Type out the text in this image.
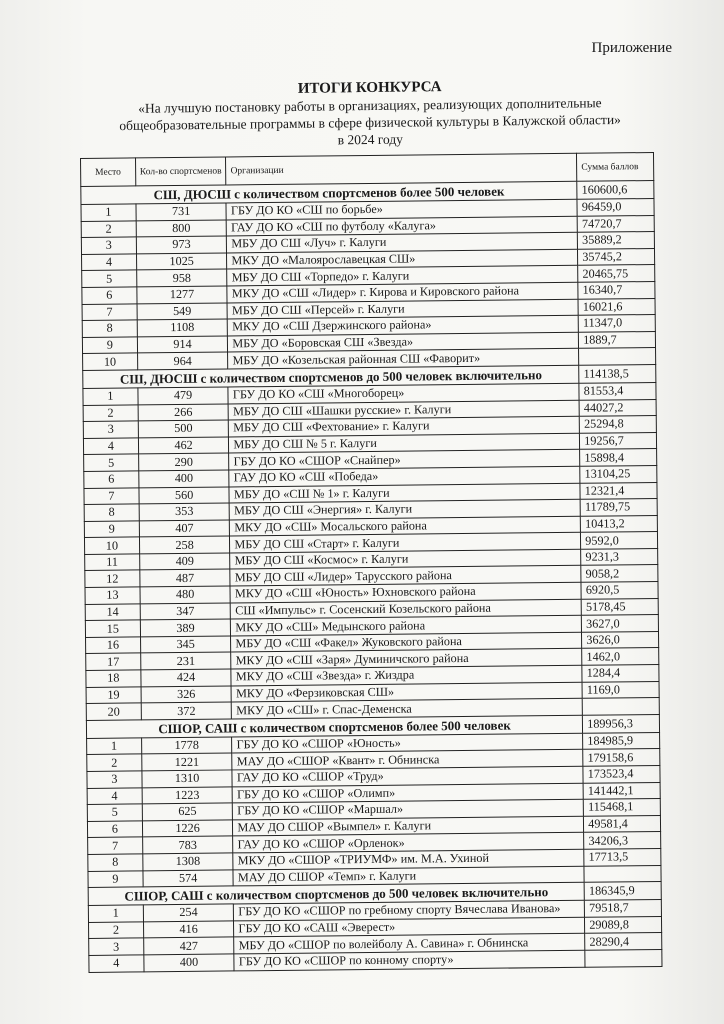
Приложение
ИТОГИ КОНКУРСА
«На лучшую постановку работы в организациях, реализующих дополнительные
общеобразовательные программы в сфере физической культуры в Калужской области»
в 2024 году
Место	Кол-во спортсменов	Организации	Сумма баллов
СШ, ДЮСШ с количеством спортсменов более 500 человек			160600,6
1	731	ГБУ ДО КО «СШ по борьбе»	96459,0
2	800	ГАУ ДО КО «СШ по футболу «Калуга»	74720,7
3	973	МБУ ДО СШ «Луч» г. Калуги	35889,2
4	1025	МКУ ДО «Малоярославецкая СШ»	35745,2
5	958	МБУ ДО СШ «Торпедо» г. Калуги	20465,75
6	1277	МКУ ДО «СШ «Лидер» г. Кирова и Кировского района	16340,7
7	549	МБУ ДО СШ «Персей» г. Калуги	16021,6
8	1108	МКУ ДО «СШ Дзержинского района»	11347,0
9	914	МБУ ДО «Боровская СШ «Звезда»	1889,7
10	964	МБУ ДО «Козельская районная СШ «Фаворит»	
СШ, ДЮСШ с количеством спортсменов до 500 человек включительно			114138,5
1	479	ГБУ ДО КО «СШ «Многоборец»	81553,4
2	266	МБУ ДО СШ «Шашки русские» г. Калуги	44027,2
3	500	МБУ ДО СШ «Фехтование» г. Калуги	25294,8
4	462	МБУ ДО СШ № 5 г. Калуги	19256,7
5	290	ГБУ ДО КО «СШОР «Снайпер»	15898,4
6	400	ГАУ ДО КО «СШ «Победа»	13104,25
7	560	МБУ ДО «СШ № 1» г. Калуги	12321,4
8	353	МБУ ДО СШ «Энергия» г. Калуги	11789,75
9	407	МКУ ДО «СШ» Мосальского района	10413,2
10	258	МБУ ДО СШ «Старт» г. Калуги	9592,0
11	409	МБУ ДО СШ «Космос» г. Калуги	9231,3
12	487	МБУ ДО СШ «Лидер» Тарусского района	9058,2
13	480	МКУ ДО «СШ «Юность» Юхновского района	6920,5
14	347	СШ «Импульс» г. Сосенский Козельского района	5178,45
15	389	МКУ ДО «СШ» Медынского района	3627,0
16	345	МБУ ДО «СШ «Факел» Жуковского района	3626,0
17	231	МКУ ДО «СШ «Заря» Думиничского района	1462,0
18	424	МКУ ДО «СШ «Звезда» г. Жиздра	1284,4
19	326	МКУ ДО «Ферзиковская СШ»	1169,0
20	372	МКУ ДО «СШ» г. Спас-Деменска	
СШОР, САШ с количеством спортсменов более 500 человек			189956,3
1	1778	ГБУ ДО КО «СШОР «Юность»	184985,9
2	1221	МАУ ДО «СШОР «Квант» г. Обнинска	179158,6
3	1310	ГАУ ДО КО «СШОР «Труд»	173523,4
4	1223	ГБУ ДО КО «СШОР «Олимп»	141442,1
5	625	ГБУ ДО КО «СШОР «Маршал»	115468,1
6	1226	МАУ ДО СШОР «Вымпел» г. Калуги	49581,4
7	783	ГАУ ДО КО «СШОР «Орленок»	34206,3
8	1308	МКУ ДО «СШОР «ТРИУМФ» им. М.А. Ухиной	17713,5
9	574	МАУ ДО СШОР «Темп» г. Калуги	
СШОР, САШ с количеством спортсменов до 500 человек включительно			186345,9
1	254	ГБУ ДО КО «СШОР по гребному спорту Вячеслава Иванова»	79518,7
2	416	ГБУ ДО КО «САШ «Эверест»	29089,8
3	427	МБУ ДО «СШОР по волейболу А. Савина» г. Обнинска	28290,4
4	400	ГБУ ДО КО «СШОР по конному спорту»	
